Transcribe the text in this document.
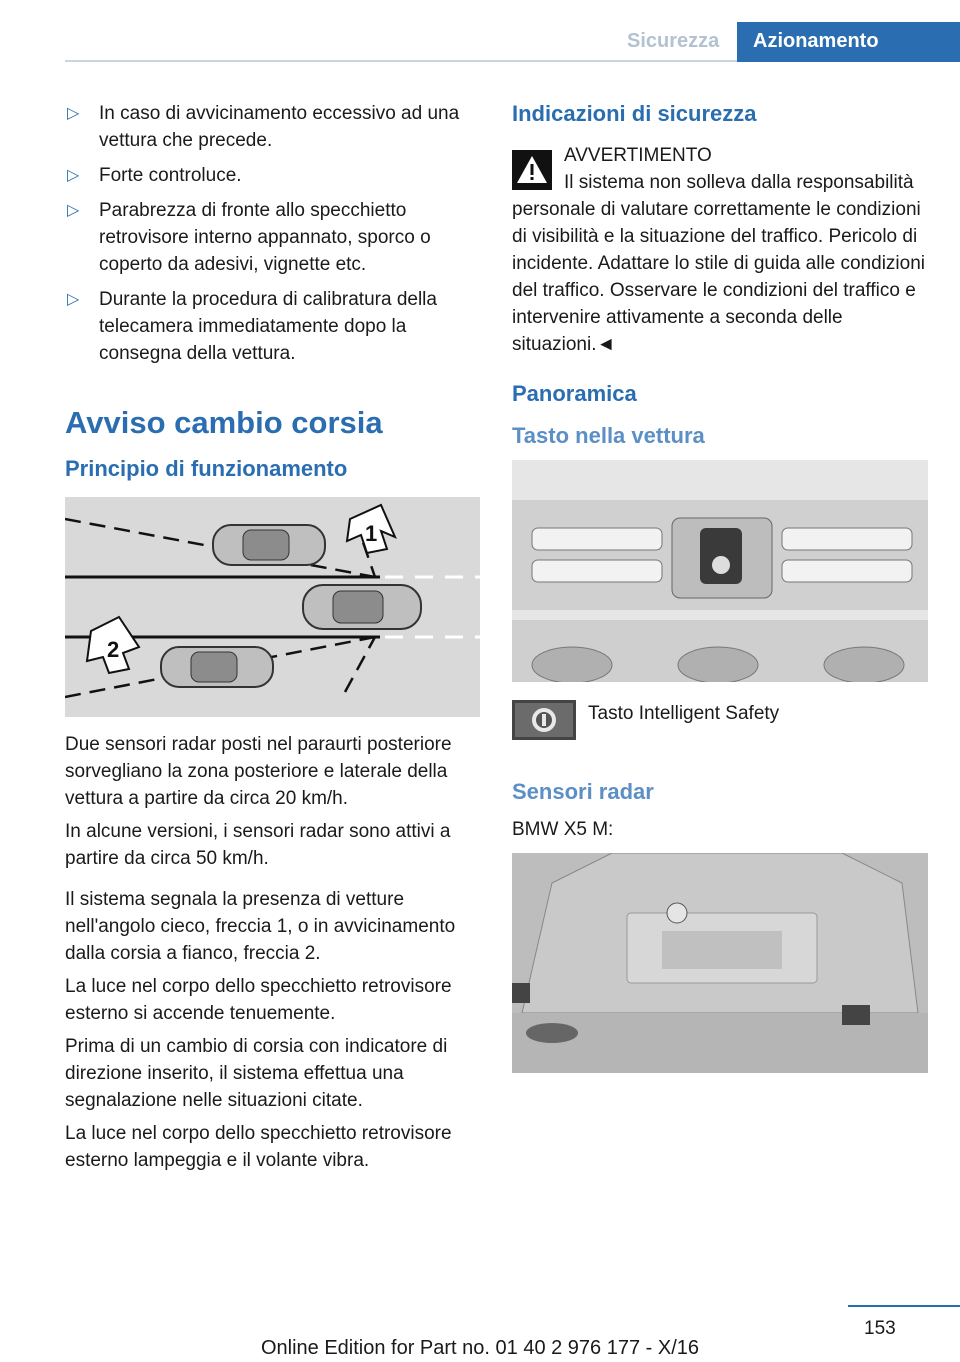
Sicurezza Azionamento
▷ In caso di avvicinamento eccessivo ad una vettura che precede.
▷ Forte controluce.
▷ Parabrezza di fronte allo specchietto retrovisore interno appannato, sporco o coperto da adesivi, vignette etc.
▷ Durante la procedura di calibratura della telecamera immediatamente dopo la consegna della vettura.
Avviso cambio corsia
Principio di funzionamento
1
2

Due sensori radar posti nel paraurti posteriore sorvegliano la zona posteriore e laterale della vettura a partire da circa 20 km/h.

In alcune versioni, i sensori radar sono attivi a partire da circa 50 km/h.

Il sistema segnala la presenza di vetture nell'angolo cieco, freccia 1, o in avvicinamento dalla corsia a fianco, freccia 2.

La luce nel corpo dello specchietto retrovisore esterno si accende tenuemente.

Prima di un cambio di corsia con indicatore di direzione inserito, il sistema effettua una segnalazione nelle situazioni citate.

La luce nel corpo dello specchietto retrovisore esterno lampeggia e il volante vibra.

Indicazioni di sicurezza
AVVERTIMENTO

Il sistema non solleva dalla responsabilità personale di valutare correttamente le condizioni di visibilità e la situazione del traffico. Pericolo di incidente. Adattare lo stile di guida alle condizioni del traffico. Osservare le condizioni del traffico e intervenire attivamente a seconda delle situazioni.◄

Panoramica
Tasto nella vettura
Tasto Intelligent Safety
Sensori radar

BMW X5 M:

153
Online Edition for Part no. 01 40 2 976 177 - X/16
